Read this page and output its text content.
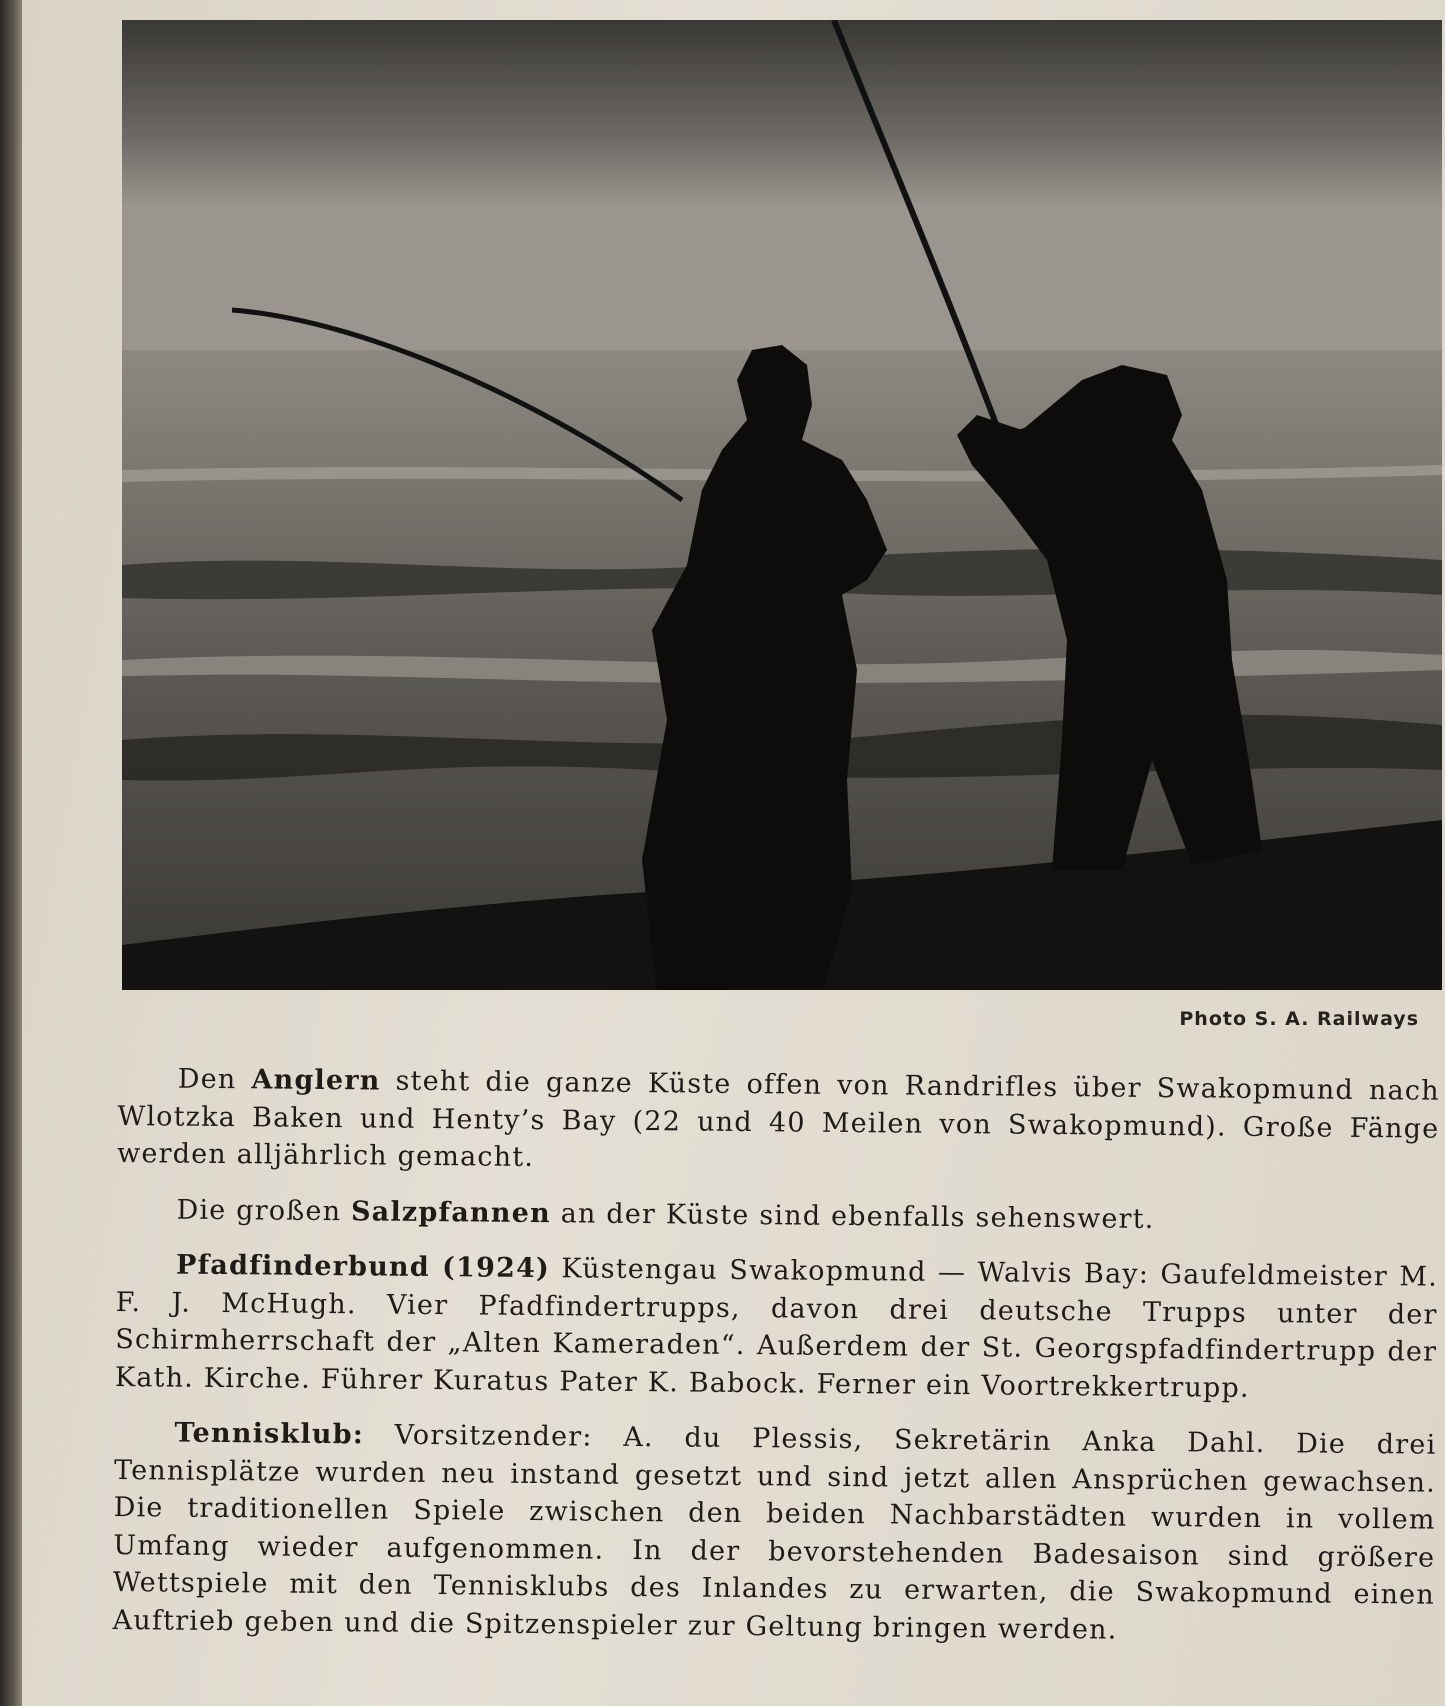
Photo S. A. Railways

Den Anglern steht die ganze Küste offen von Randrifles über Swakopmund nach Wlotzka Baken und Henty’s Bay (22 und 40 Meilen von Swakopmund). Große Fänge werden alljährlich gemacht.

Die großen Salzpfannen an der Küste sind ebenfalls sehenswert.

Pfadfinderbund (1924) Küstengau Swakopmund — Walvis Bay: Gaufeldmeister M. F. J. McHugh. Vier Pfadfindertrupps, davon drei deutsche Trupps unter der Schirmherrschaft der „Alten Kameraden“. Außerdem der St. Georgspfadfindertrupp der Kath. Kirche. Führer Kuratus Pater K. Babock. Ferner ein Voortrekkertrupp.

Tennisklub: Vorsitzender: A. du Plessis, Sekretärin Anka Dahl. Die drei Tennisplätze wurden neu instand gesetzt und sind jetzt allen Ansprüchen gewachsen. Die traditionellen Spiele zwischen den beiden Nachbarstädten wurden in vollem Umfang wieder aufgenommen. In der bevorstehenden Badesaison sind größere Wettspiele mit den Tennisklubs des Inlandes zu erwarten, die Swakopmund einen Auftrieb geben und die Spitzenspieler zur Geltung bringen werden.
